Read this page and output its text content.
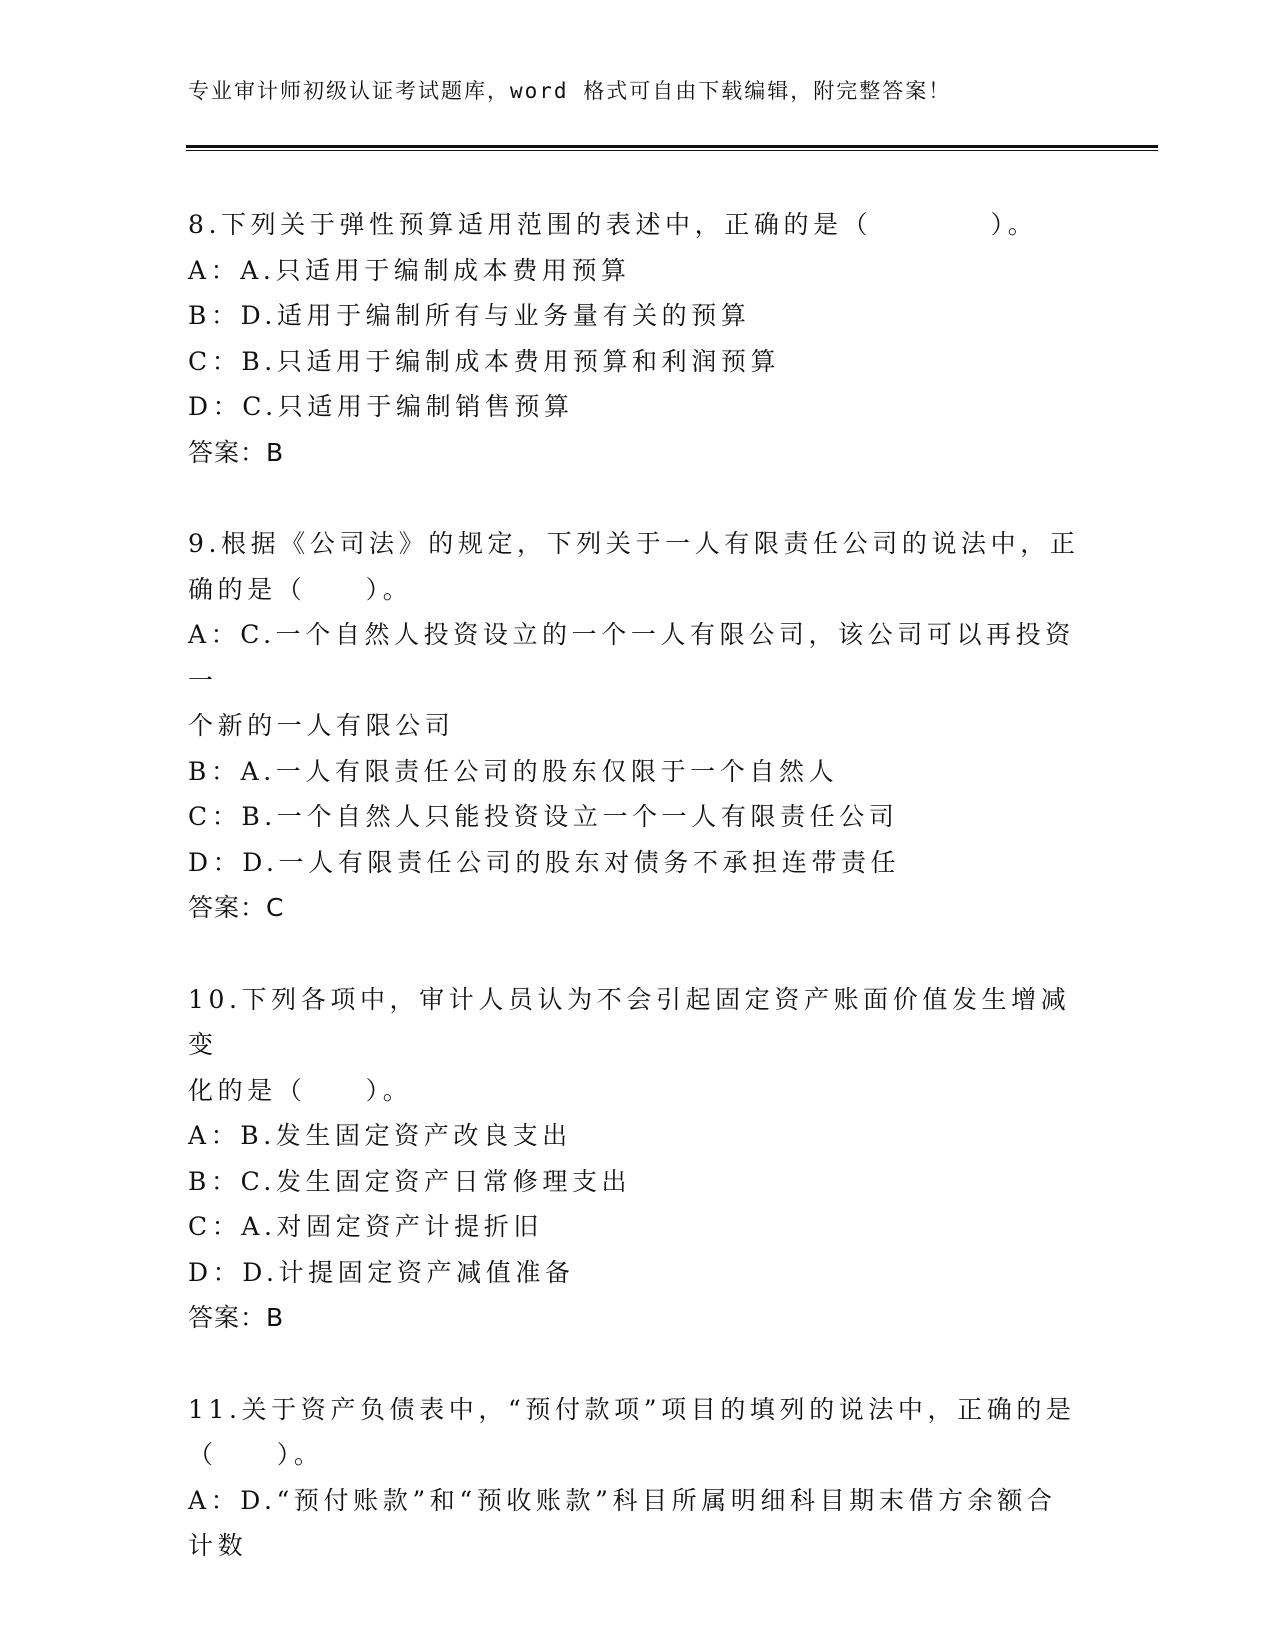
专业审计师初级认证考试题库，word 格式可自由下载编辑，附完整答案！

8.下列关于弹性预算适用范围的表述中，正确的是（　　　　）。

A：A.只适用于编制成本费用预算

B：D.适用于编制所有与业务量有关的预算

C：B.只适用于编制成本费用预算和利润预算

D：C.只适用于编制销售预算

答案：B

9.根据《公司法》的规定，下列关于一人有限责任公司的说法中，正

确的是（　　）。

A：C.一个自然人投资设立的一个一人有限公司，该公司可以再投资一

个新的一人有限公司

B：A.一人有限责任公司的股东仅限于一个自然人

C：B.一个自然人只能投资设立一个一人有限责任公司

D：D.一人有限责任公司的股东对债务不承担连带责任

答案：C

10.下列各项中，审计人员认为不会引起固定资产账面价值发生增减变

化的是（　　）。

A：B.发生固定资产改良支出

B：C.发生固定资产日常修理支出

C：A.对固定资产计提折旧

D：D.计提固定资产减值准备

答案：B

11.关于资产负债表中，“预付款项”项目的填列的说法中，正确的是

（　　）。

A：D.“预付账款”和“预收账款”科目所属明细科目期末借方余额合

计数
